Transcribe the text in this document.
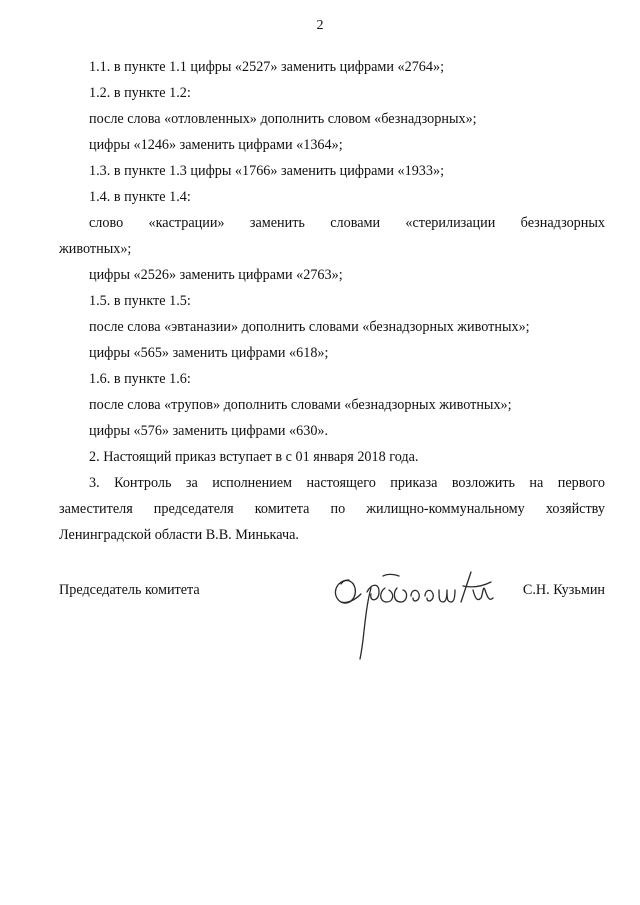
2
1.1. в пункте 1.1 цифры «2527» заменить цифрами «2764»;
1.2. в пункте 1.2:
после слова «отловленных» дополнить словом «безнадзорных»;
цифры «1246» заменить цифрами «1364»;
1.3. в пункте 1.3 цифры «1766» заменить цифрами «1933»;
1.4. в пункте 1.4:
слово «кастрации» заменить словами «стерилизации безнадзорных
животных»;
цифры «2526» заменить цифрами «2763»;
1.5. в пункте 1.5:
после слова «эвтаназии» дополнить словами «безнадзорных животных»;
цифры «565» заменить цифрами «618»;
1.6. в пункте 1.6:
после слова «трупов» дополнить словами «безнадзорных животных»;
цифры «576» заменить цифрами «630».
2. Настоящий приказ вступает в с 01 января 2018 года.
3. Контроль за исполнением настоящего приказа возложить на первого
заместителя председателя комитета по жилищно-коммунальному хозяйству
Ленинградской области В.В. Минькача.
Председатель комитета	С.Н. Кузьмин
